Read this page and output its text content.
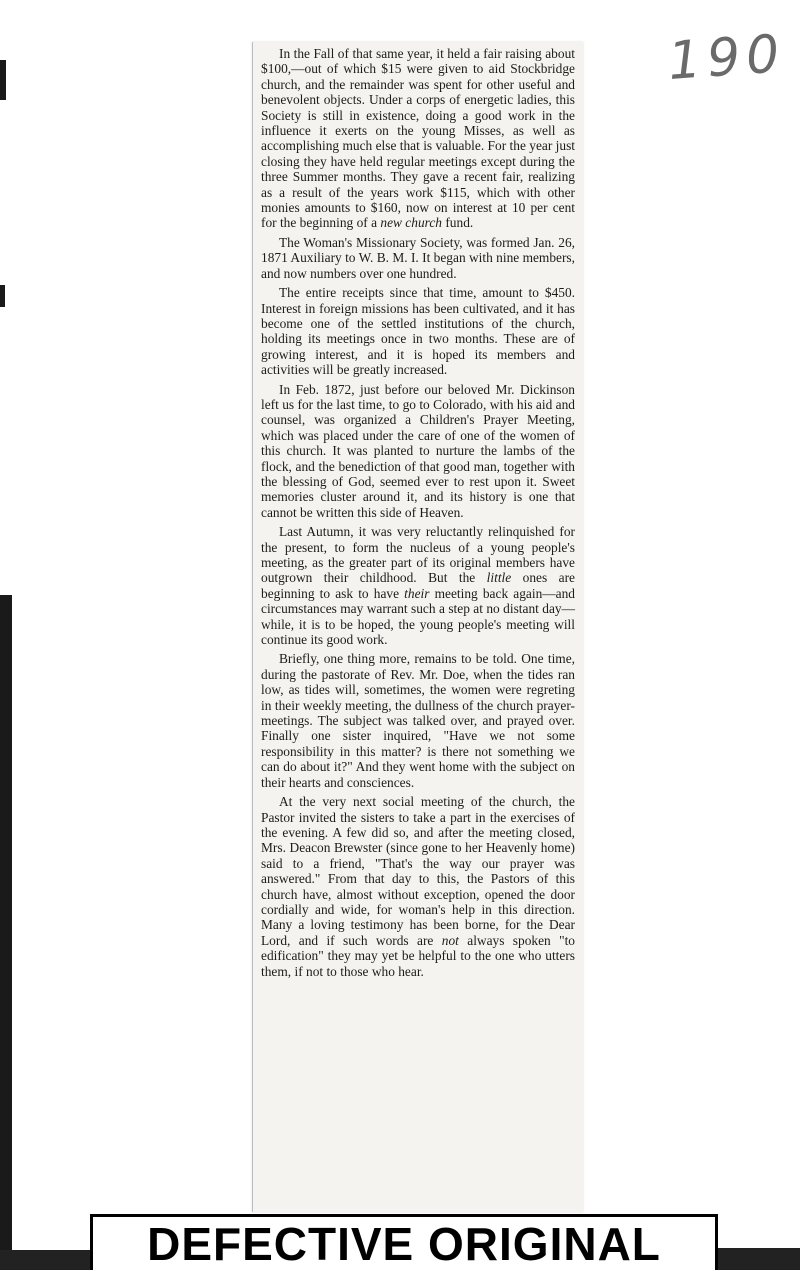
190

In the Fall of that same year, it held a fair raising about $100,—out of which $15 were given to aid Stockbridge church, and the remainder was spent for other useful and benevolent objects. Under a corps of energetic ladies, this Society is still in existence, doing a good work in the influence it exerts on the young Misses, as well as accomplishing much else that is valuable. For the year just closing they have held regular meetings except during the three Summer months. They gave a recent fair, realizing as a result of the years work $115, which with other monies amounts to $160, now on interest at 10 per cent for the beginning of a new church fund.

The Woman's Missionary Society, was formed Jan. 26, 1871 Auxiliary to W. B. M. I. It began with nine members, and now numbers over one hundred.

The entire receipts since that time, amount to $450. Interest in foreign missions has been cultivated, and it has become one of the settled institutions of the church, holding its meetings once in two months. These are of growing interest, and it is hoped its members and activities will be greatly increased.

In Feb. 1872, just before our beloved Mr. Dickinson left us for the last time, to go to Colorado, with his aid and counsel, was organized a Children's Prayer Meeting, which was placed under the care of one of the women of this church. It was planted to nurture the lambs of the flock, and the benediction of that good man, together with the blessing of God, seemed ever to rest upon it. Sweet memories cluster around it, and its history is one that cannot be written this side of Heaven.

Last Autumn, it was very reluctantly relinquished for the present, to form the nucleus of a young people's meeting, as the greater part of its original members have outgrown their childhood. But the little ones are beginning to ask to have their meeting back again—and circumstances may warrant such a step at no distant day—while, it is to be hoped, the young people's meeting will continue its good work.

Briefly, one thing more, remains to be told. One time, during the pastorate of Rev. Mr. Doe, when the tides ran low, as tides will, sometimes, the women were regreting in their weekly meeting, the dullness of the church prayer-meetings. The subject was talked over, and prayed over. Finally one sister inquired, "Have we not some responsibility in this matter? is there not something we can do about it?" And they went home with the subject on their hearts and consciences.

At the very next social meeting of the church, the Pastor invited the sisters to take a part in the exercises of the evening. A few did so, and after the meeting closed, Mrs. Deacon Brewster (since gone to her Heavenly home) said to a friend, "That's the way our prayer was answered." From that day to this, the Pastors of this church have, almost without exception, opened the door cordially and wide, for woman's help in this direction. Many a loving testimony has been borne, for the Dear Lord, and if such words are not always spoken "to edification" they may yet be helpful to the one who utters them, if not to those who hear.

DEFECTIVE ORIGINAL
